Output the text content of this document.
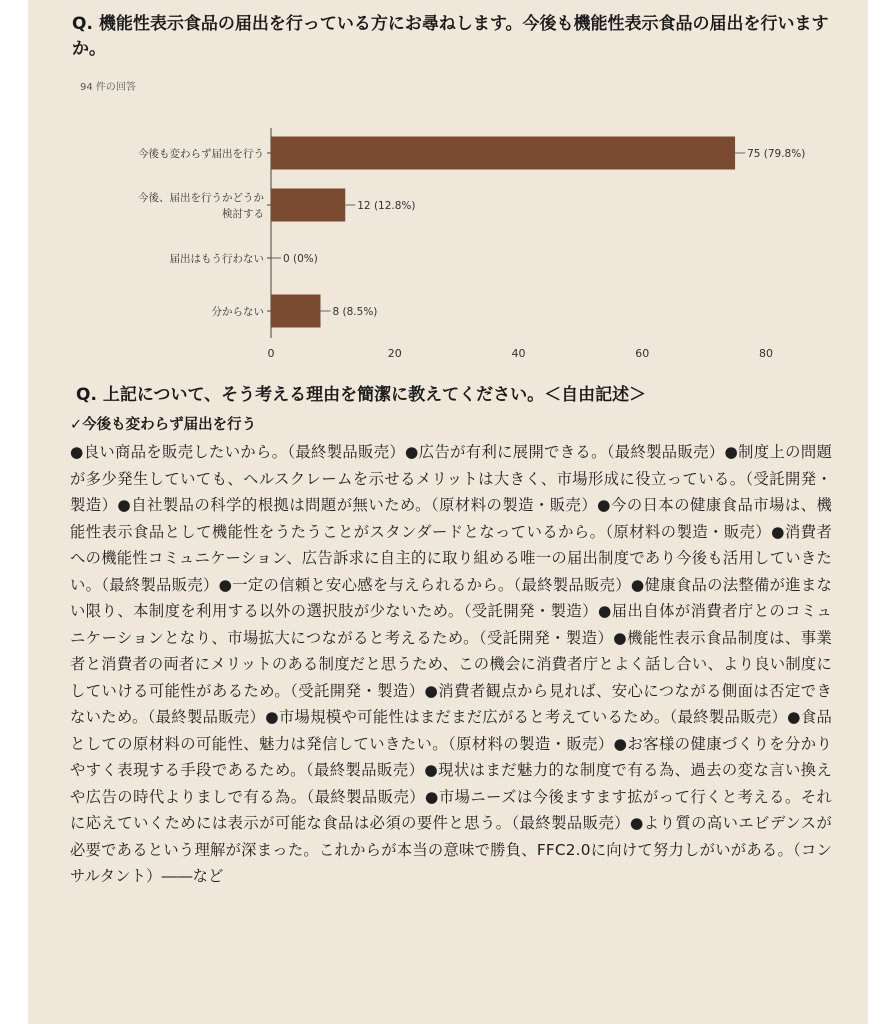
Q. 機能性表示食品の届出を行っている方にお尋ねします。今後も機能性表示食品の届出を行いますか。
94 件の回答
今後も変わらず届出を行う	75 (79.8%)
今後、届出を行うかどうか
検討する
12 (12.8%)
届出はもう行わない 0 (0%)
分からない	8 (8.5%)
0	20	40	60	80
Q. 上記について、そう考える理由を簡潔に教えてください。＜自由記述＞
✓今後も変わらず届出を行う
●良い商品を販売したいから。（最終製品販売）●広告が有利に展開できる。（最終製品販売）●制度上の問題が多少発生していても、ヘルスクレームを示せるメリットは大きく、市場形成に役立っている。（受託開発・製造）●自社製品の科学的根拠は問題が無いため。（原材料の製造・販売）●今の日本の健康食品市場は、機能性表示食品として機能性をうたうことがスタンダードとなっているから。（原材料の製造・販売）●消費者への機能性コミュニケーション、広告訴求に自主的に取り組める唯一の届出制度であり今後も活用していきたい。（最終製品販売）●一定の信頼と安心感を与えられるから。（最終製品販売）●健康食品の法整備が進まない限り、本制度を利用する以外の選択肢が少ないため。（受託開発・製造）●届出自体が消費者庁とのコミュニケーションとなり、市場拡大につながると考えるため。（受託開発・製造）●機能性表示食品制度は、事業者と消費者の両者にメリットのある制度だと思うため、この機会に消費者庁とよく話し合い、より良い制度にしていける可能性があるため。（受託開発・製造）●消費者観点から見れば、安心につながる側面は否定できないため。（最終製品販売）●市場規模や可能性はまだまだ広がると考えているため。（最終製品販売）●食品としての原材料の可能性、魅力は発信していきたい。（原材料の製造・販売）●お客様の健康づくりを分かりやすく表現する手段であるため。（最終製品販売）●現状はまだ魅力的な制度で有る為、過去の変な言い換えや広告の時代よりましで有る為。（最終製品販売）●市場ニーズは今後ますます拡がって行くと考える。それに応えていくためには表示が可能な食品は必須の要件と思う。（最終製品販売）●より質の高いエビデンスが必要であるという理解が深まった。これからが本当の意味で勝負、FFC2.0に向けて努力しがいがある。（コンサルタント）――など
